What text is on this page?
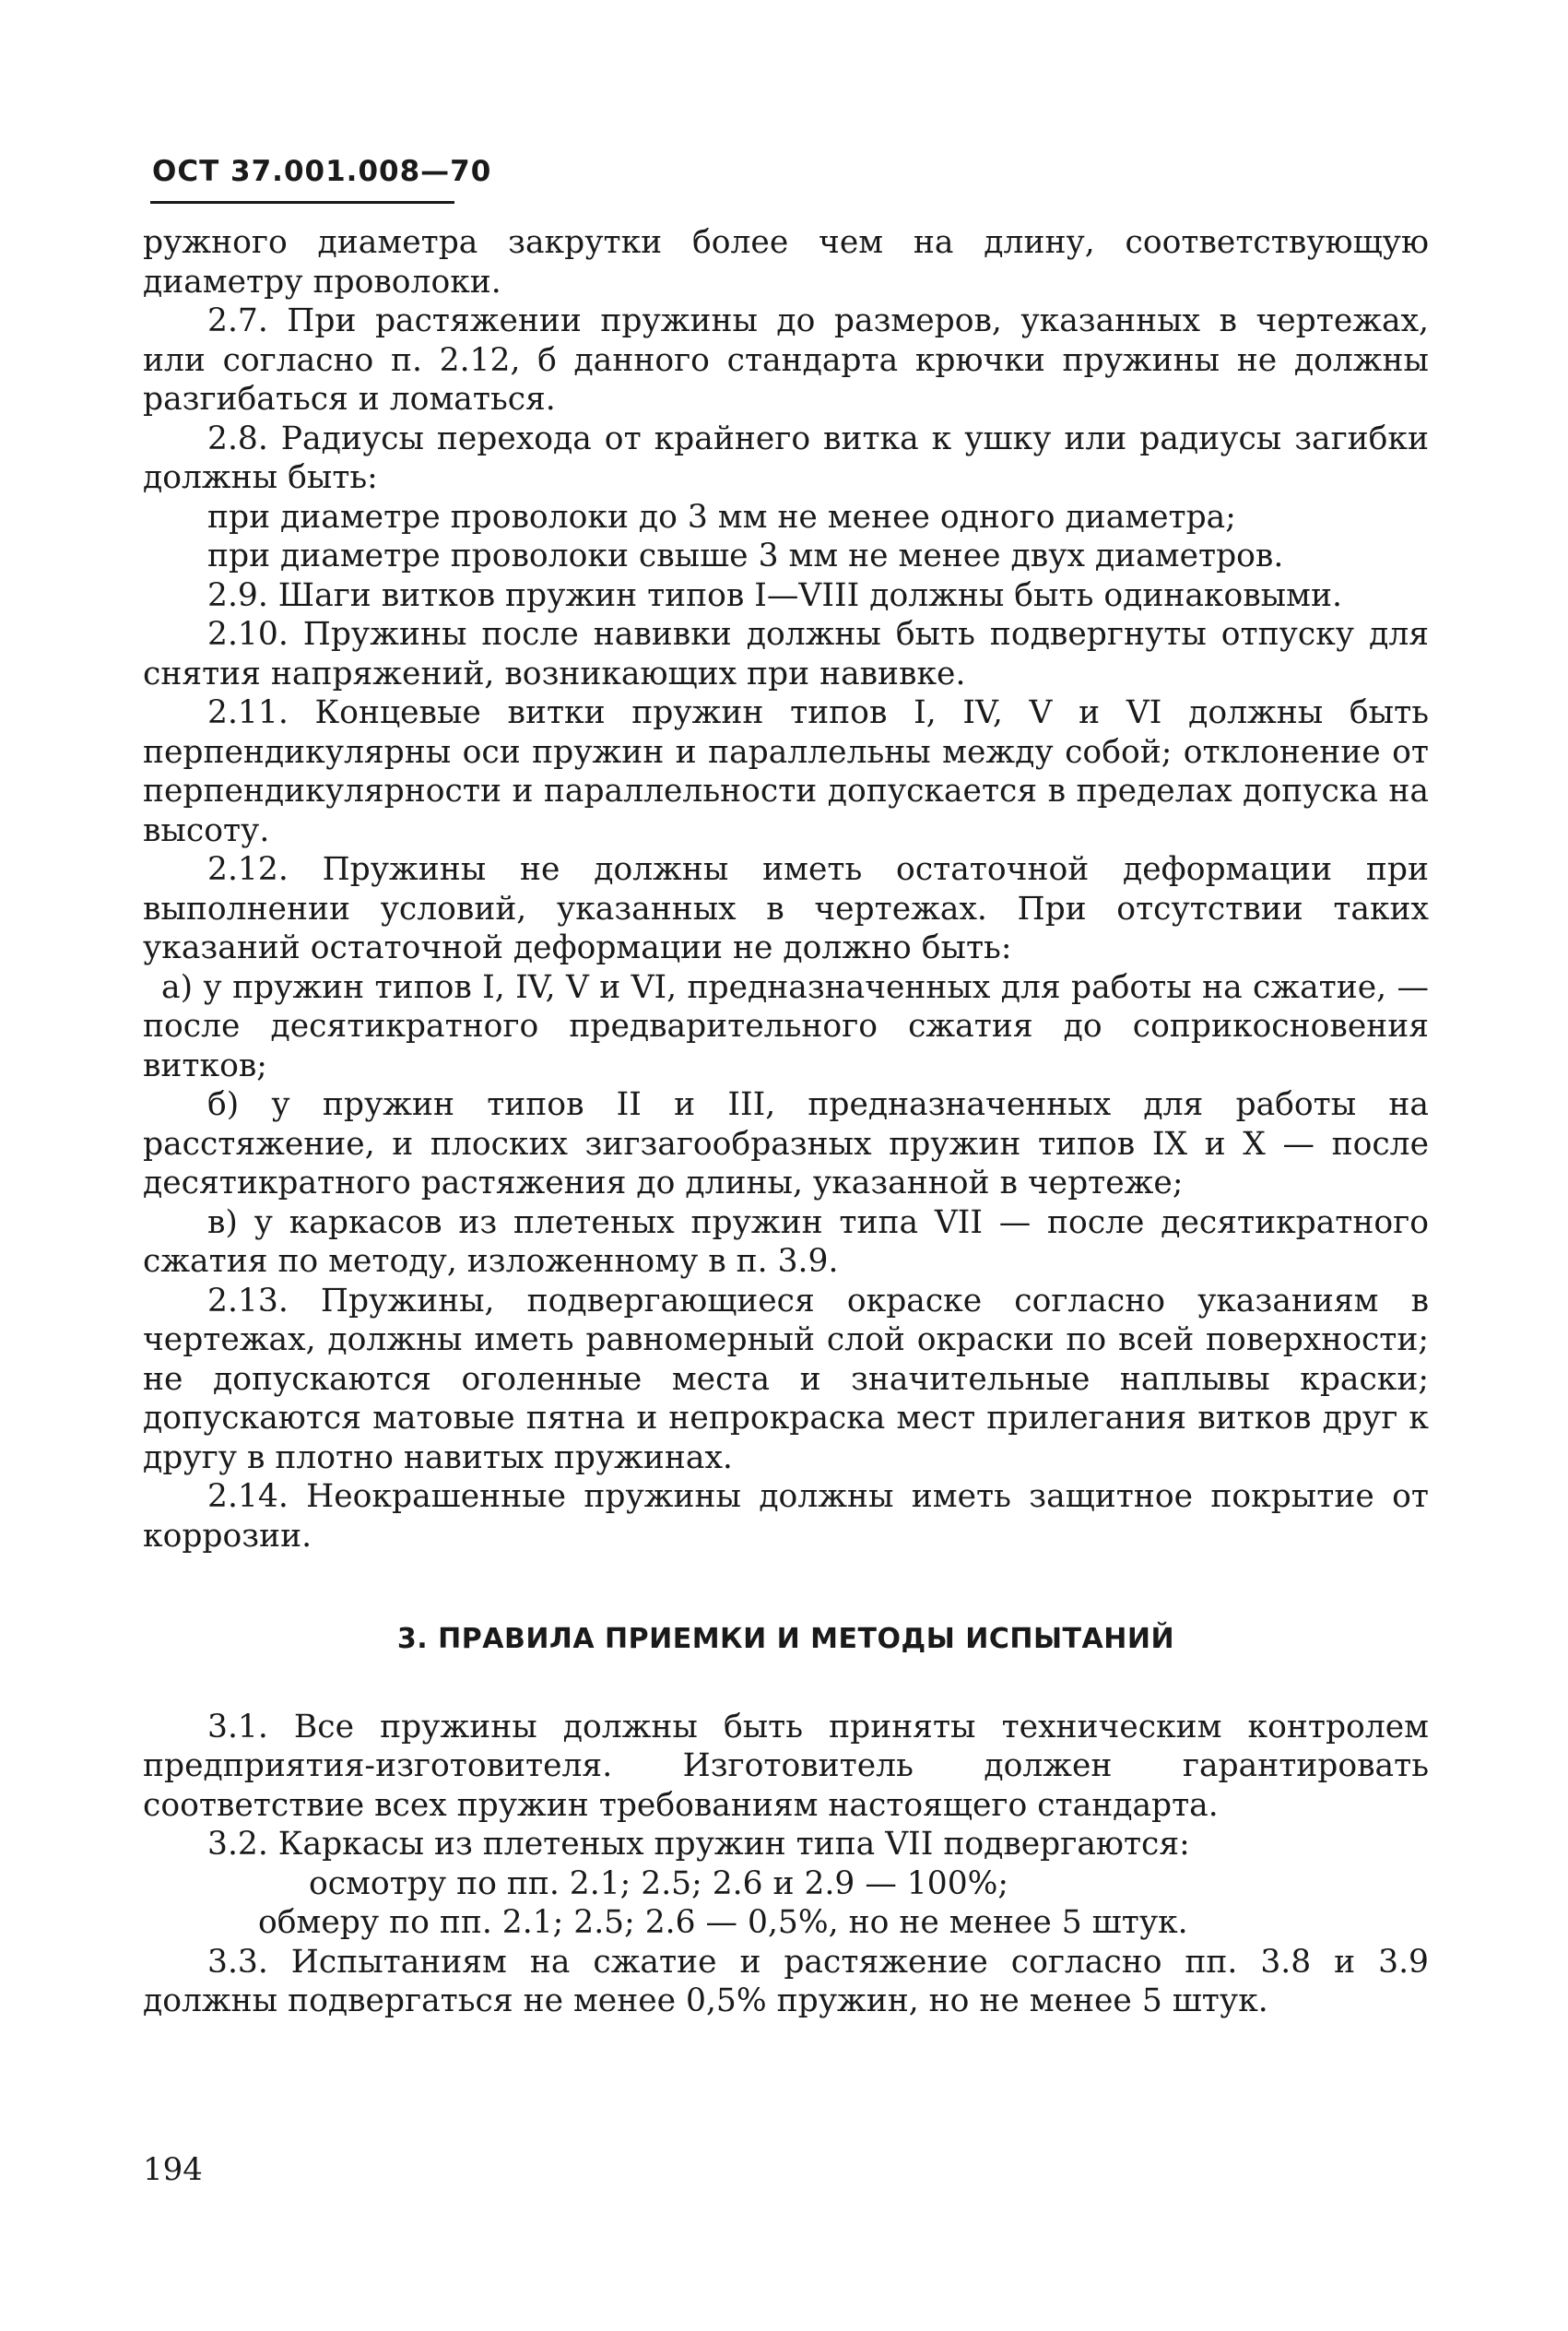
ОСТ 37.001.008—70

ружного диаметра закрутки более чем на длину, соответствующую диаметру проволоки.

2.7. При растяжении пружины до размеров, указанных в чертежах, или согласно п. 2.12, б данного стандарта крючки пружины не должны разгибаться и ломаться.

2.8. Радиусы перехода от крайнего витка к ушку или радиусы загибки должны быть:

при диаметре проволоки до 3 мм не менее одного диаметра;

при диаметре проволоки свыше 3 мм не менее двух диаметров.

2.9. Шаги витков пружин типов I—VIII должны быть одинаковыми.

2.10. Пружины после навивки должны быть подвергнуты отпуску для снятия напряжений, возникающих при навивке.

2.11. Концевые витки пружин типов I, IV, V и VI должны быть перпендикулярны оси пружин и параллельны между собой; отклонение от перпендикулярности и параллельности допускается в пределах допуска на высоту.

2.12. Пружины не должны иметь остаточной деформации при выполнении условий, указанных в чертежах. При отсутствии таких указаний остаточной деформации не должно быть:

а) у пружин типов I, IV, V и VI, предназначенных для работы на сжатие, — после десятикратного предварительного сжатия до соприкосновения витков;

б) у пружин типов II и III, предназначенных для работы на расстяжение, и плоских зигзагообразных пружин типов IX и X — после десятикратного растяжения до длины, указанной в чертеже;

в) у каркасов из плетеных пружин типа VII — после десятикратного сжатия по методу, изложенному в п. 3.9.

2.13. Пружины, подвергающиеся окраске согласно указаниям в чертежах, должны иметь равномерный слой окраски по всей поверхности; не допускаются оголенные места и значительные наплывы краски; допускаются матовые пятна и непрокраска мест прилегания витков друг к другу в плотно навитых пружинах.

2.14. Неокрашенные пружины должны иметь защитное покрытие от коррозии.

3. ПРАВИЛА ПРИЕМКИ И МЕТОДЫ ИСПЫТАНИЙ

3.1. Все пружины должны быть приняты техническим контролем предприятия-изготовителя. Изготовитель должен гарантировать соответствие всех пружин требованиям настоящего стандарта.

3.2. Каркасы из плетеных пружин типа VII подвергаются:

осмотру по пп. 2.1; 2.5; 2.6 и 2.9 — 100%;

обмеру по пп. 2.1; 2.5; 2.6 — 0,5%, но не менее 5 штук.

3.3. Испытаниям на сжатие и растяжение согласно пп. 3.8 и 3.9 должны подвергаться не менее 0,5% пружин, но не менее 5 штук.

194
